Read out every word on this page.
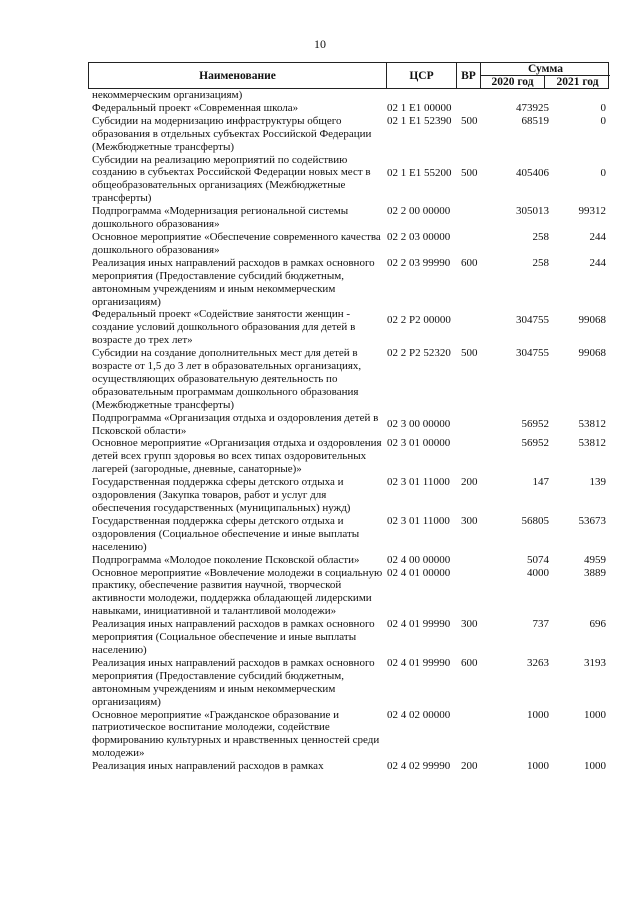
10
Наименование	ЦСР	ВР
Сумма
2020 год	2021 год
некоммерческим организациям)
Федеральный проект «Современная школа»	02 1 E1 00000	473925	0
Субсидии на модернизацию инфраструктуры общего образования в отдельных субъектах Российской Федерации (Межбюджетные трансферты)
02 1 E1 52390 500	68519	0
Субсидии на реализацию мероприятий по содействию созданию в субъектах Российской Федерации новых мест в общеобразовательных организациях (Межбюджетные трансферты)
02 1 E1 55200 500	405406	0
Подпрограмма «Модернизация региональной системы дошкольного образования»
02 2 00 00000	305013	99312
Основное мероприятие «Обеспечение современного качества дошкольного образования»
02 2 03 00000	258	244
Реализация иных направлений расходов в рамках основного мероприятия (Предоставление субсидий бюджетным, автономным учреждениям и иным некоммерческим организациям)
02 2 03 99990 600	258	244
Федеральный проект «Содействие занятости женщин - создание условий дошкольного образования для детей в возрасте до трех лет»
02 2 P2 00000	304755	99068
Субсидии на создание дополнительных мест для детей в возрасте от 1,5 до 3 лет в образовательных организациях, осуществляющих образовательную деятельность по образовательным программам дошкольного образования (Межбюджетные трансферты)
02 2 P2 52320 500	304755	99068
Подпрограмма «Организация отдыха и оздоровления детей в Псковской области»
02 3 00 00000	56952	53812
Основное мероприятие «Организация отдыха и оздоровления детей всех групп здоровья во всех типах оздоровительных лагерей (загородные, дневные, санаторные)»
02 3 01 00000	56952	53812
Государственная поддержка сферы детского отдыха и оздоровления (Закупка товаров, работ и услуг для обеспечения государственных (муниципальных) нужд)
02 3 01 11000	200	147	139
Государственная поддержка сферы детского отдыха и оздоровления (Социальное обеспечение и иные выплаты населению)
02 3 01 11000	300	56805	53673
Подпрограмма «Молодое поколение Псковской области»	02 4 00 00000	5074	4959
Основное мероприятие «Вовлечение молодежи в социальную практику, обеспечение развития научной, творческой активности молодежи, поддержка обладающей лидерскими навыками, инициативной и талантливой молодежи»
02 4 01 00000	4000	3889
Реализация иных направлений расходов в рамках основного мероприятия (Социальное обеспечение и иные выплаты населению)
02 4 01 99990 300	737	696
Реализация иных направлений расходов в рамках основного мероприятия (Предоставление субсидий бюджетным, автономным учреждениям и иным некоммерческим организациям)
02 4 01 99990 600	3263	3193
Основное мероприятие «Гражданское образование и патриотическое воспитание молодежи, содействие формированию культурных и нравственных ценностей среди молодежи»
02 4 02 00000	1000	1000
Реализация иных направлений расходов в рамках	02 4 02 99990 200	1000	1000
